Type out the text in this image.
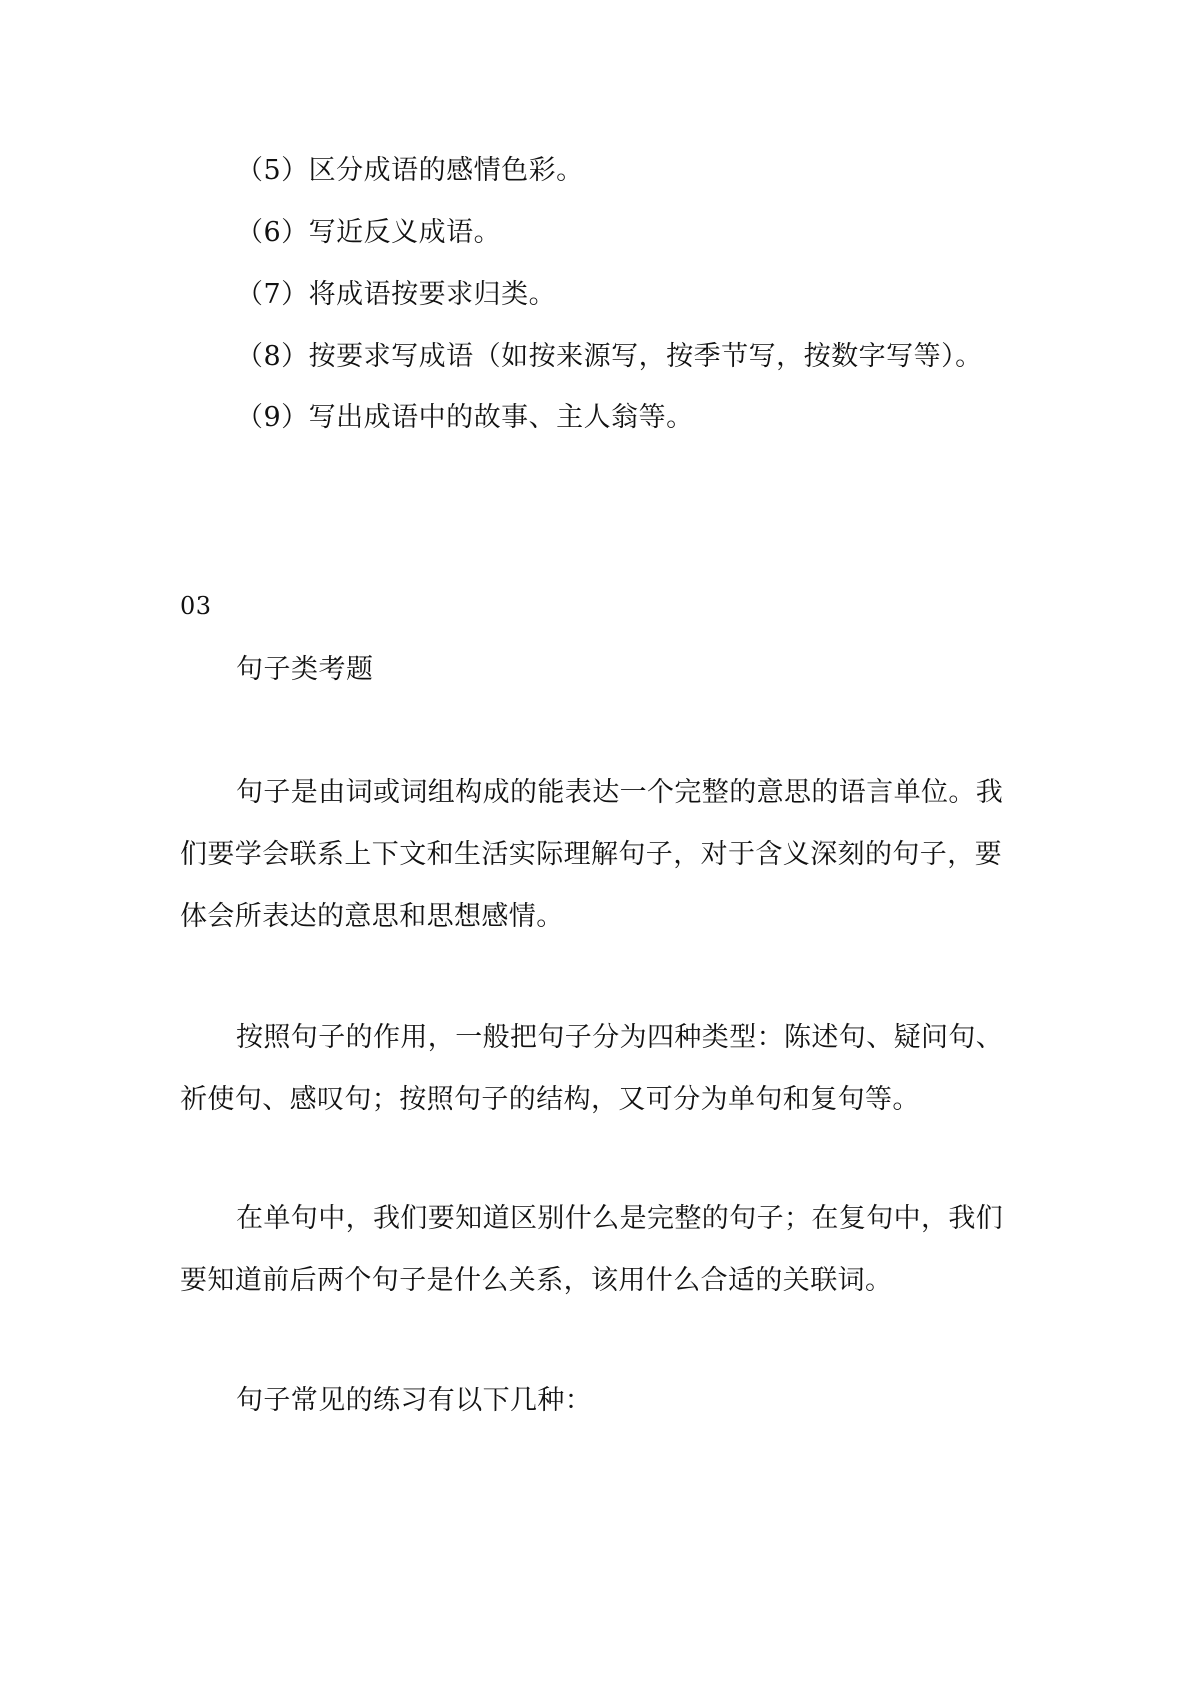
（5）区分成语的感情色彩。
（6）写近反义成语。
（7）将成语按要求归类。
（8）按要求写成语（如按来源写，按季节写，按数字写等）。
（9）写出成语中的故事、主人翁等。
03
句子类考题
句子是由词或词组构成的能表达一个完整的意思的语言单位。我们要学会联系上下文和生活实际理解句子，对于含义深刻的句子，要体会所表达的意思和思想感情。
按照句子的作用，一般把句子分为四种类型：陈述句、疑问句、祈使句、感叹句；按照句子的结构，又可分为单句和复句等。
在单句中，我们要知道区别什么是完整的句子；在复句中，我们要知道前后两个句子是什么关系，该用什么合适的关联词。
句子常见的练习有以下几种：
